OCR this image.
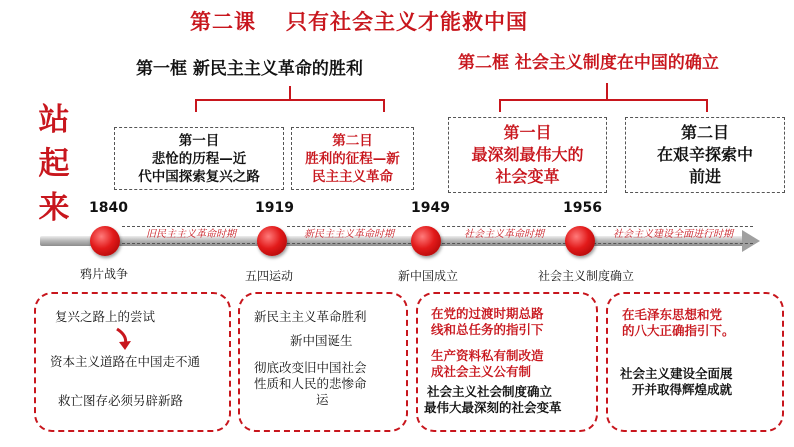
第二课 只有社会主义才能救中国
第一框 新民主主义革命的胜利	第二框 社会主义制度在中国的确立
站
起
来
第一目
悲怆的历程—近
代中国探索复兴之路
第二目
胜利的征程—新
民主主义革命
第一目
最深刻最伟大的
社会变革
第二目
在艰辛探索中
前进
1840	1919	1949	1956
旧民主主义革命时期	新民主主义革命时期	社会主义革命时期	社会主义建设全面进行时期
鸦片战争	五四运动	新中国成立	社会主义制度确立
复兴之路上的尝试
资本主义道路在中国走不通
救亡图存必须另辟新路
新民主主义革命胜利
新中国诞生
彻底改变旧中国社会
性质和人民的悲惨命
运
在党的过渡时期总路
线和总任务的指引下
生产资料私有制改造
成社会主义公有制
社会主义社会制度确立
最伟大最深刻的社会变革
在毛泽东思想和党
的八大正确指引下。
社会主义建设全面展
开并取得辉煌成就
